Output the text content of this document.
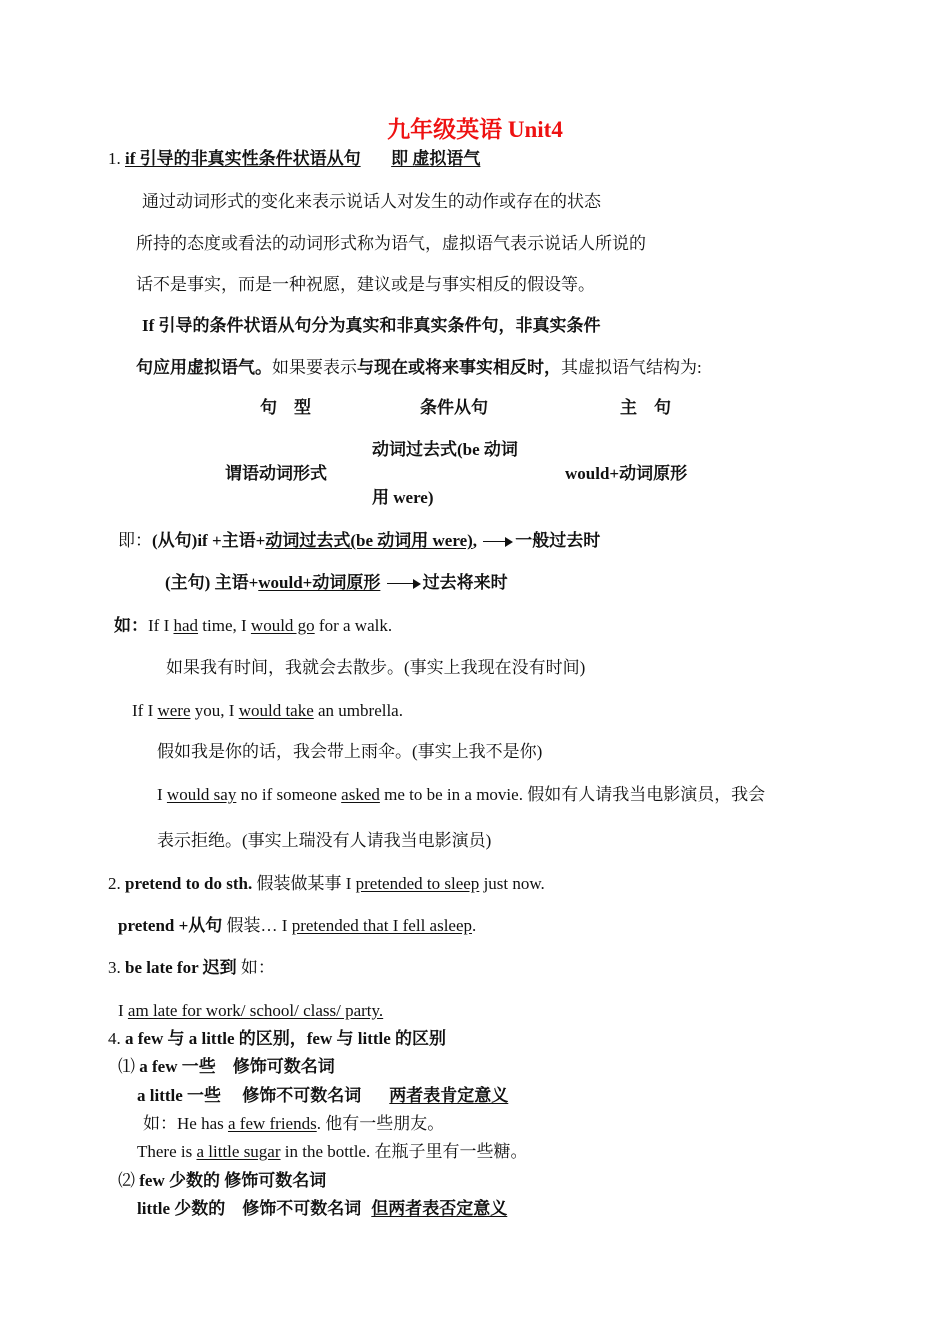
九年级英语 Unit4
1. if 引导的非真实性条件状语从句 即 虚拟语气
通过动词形式的变化来表示说话人对发生的动作或存在的状态
所持的态度或看法的动词形式称为语气，虚拟语气表示说话人所说的
话不是事实，而是一种祝愿，建议或是与事实相反的假设等。
If 引导的条件状语从句分为真实和非真实条件句，非真实条件
句应用虚拟语气。如果要表示与现在或将来事实相反时，其虚拟语气结构为:
句　型	条件从句	主　句
谓语动词形式
动词过去式(be 动词
用 were)
would+动词原形
即：(从句)if +主语+动词过去式(be 动词用 were), 一般过去时
(主句) 主语+would+动词原形 过去将来时
如：If I had time, I would go for a walk.
如果我有时间，我就会去散步。(事实上我现在没有时间)
If I were you, I would take an umbrella.
假如我是你的话，我会带上雨伞。(事实上我不是你)
I would say no if someone asked me to be in a movie. 假如有人请我当电影演员，我会
表示拒绝。(事实上瑞没有人请我当电影演员)
2. pretend to do sth. 假装做某事 I pretended to sleep just now.
pretend +从句 假装… I pretended that I fell asleep.
3. be late for 迟到 如：
I am late for work/ school/ class/ party.
4. a few 与 a little 的区别，few 与 little 的区别
⑴ a few 一些　修饰可数名词
a little 一些　 修饰不可数名词 两者表肯定意义
如：He has a few friends. 他有一些朋友。
There is a little sugar in the bottle. 在瓶子里有一些糖。
⑵ few 少数的 修饰可数名词
little 少数的　修饰不可数名词 但两者表否定意义
